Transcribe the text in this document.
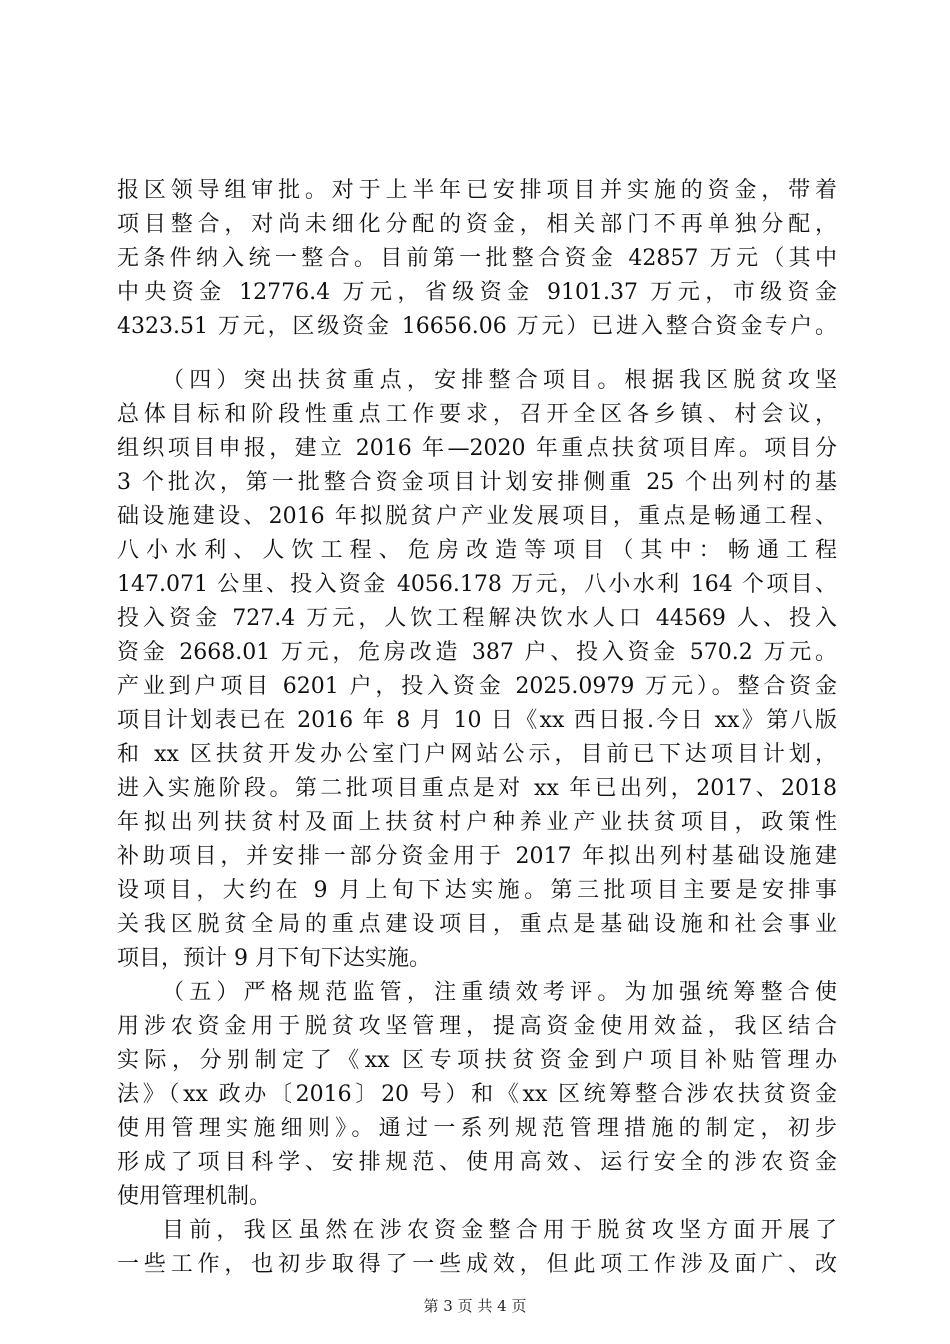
报区领导组审批。对于上半年已安排项目并实施的资金，带着
项目整合，对尚未细化分配的资金，相关部门不再单独分配，
无条件纳入统一整合。目前第一批整合资金 42857 万元（其中
中央资金 12776.4 万元，省级资金 9101.37 万元，市级资金
4323.51 万元，区级资金 16656.06 万元）已进入整合资金专户。
（四）突出扶贫重点，安排整合项目。根据我区脱贫攻坚
总体目标和阶段性重点工作要求，召开全区各乡镇、村会议，
组织项目申报，建立 2016 年—2020 年重点扶贫项目库。项目分
3 个批次，第一批整合资金项目计划安排侧重 25 个出列村的基
础设施建设、2016 年拟脱贫户产业发展项目，重点是畅通工程、
八小水利、人饮工程、危房改造等项目（其中：畅通工程
147.071 公里、投入资金 4056.178 万元，八小水利 164 个项目、
投入资金 727.4 万元，人饮工程解决饮水人口 44569 人、投入
资金 2668.01 万元，危房改造 387 户、投入资金 570.2 万元。
产业到户项目 6201 户，投入资金 2025.0979 万元）。整合资金
项目计划表已在 2016 年 8 月 10 日《xx 西日报.今日 xx》第八版
和 xx 区扶贫开发办公室门户网站公示，目前已下达项目计划，
进入实施阶段。第二批项目重点是对 xx 年已出列，2017、2018
年拟出列扶贫村及面上扶贫村户种养业产业扶贫项目，政策性
补助项目，并安排一部分资金用于 2017 年拟出列村基础设施建
设项目，大约在 9 月上旬下达实施。第三批项目主要是安排事
关我区脱贫全局的重点建设项目，重点是基础设施和社会事业
项目，预计 9 月下旬下达实施。
（五）严格规范监管，注重绩效考评。为加强统筹整合使
用涉农资金用于脱贫攻坚管理，提高资金使用效益，我区结合
实际，分别制定了《xx 区专项扶贫资金到户项目补贴管理办
法》（xx 政办〔2016〕20 号）和《xx 区统筹整合涉农扶贫资金
使用管理实施细则》。通过一系列规范管理措施的制定，初步
形成了项目科学、安排规范、使用高效、运行安全的涉农资金
使用管理机制。
目前，我区虽然在涉农资金整合用于脱贫攻坚方面开展了
一些工作，也初步取得了一些成效，但此项工作涉及面广、改
第 3 页 共 4 页
